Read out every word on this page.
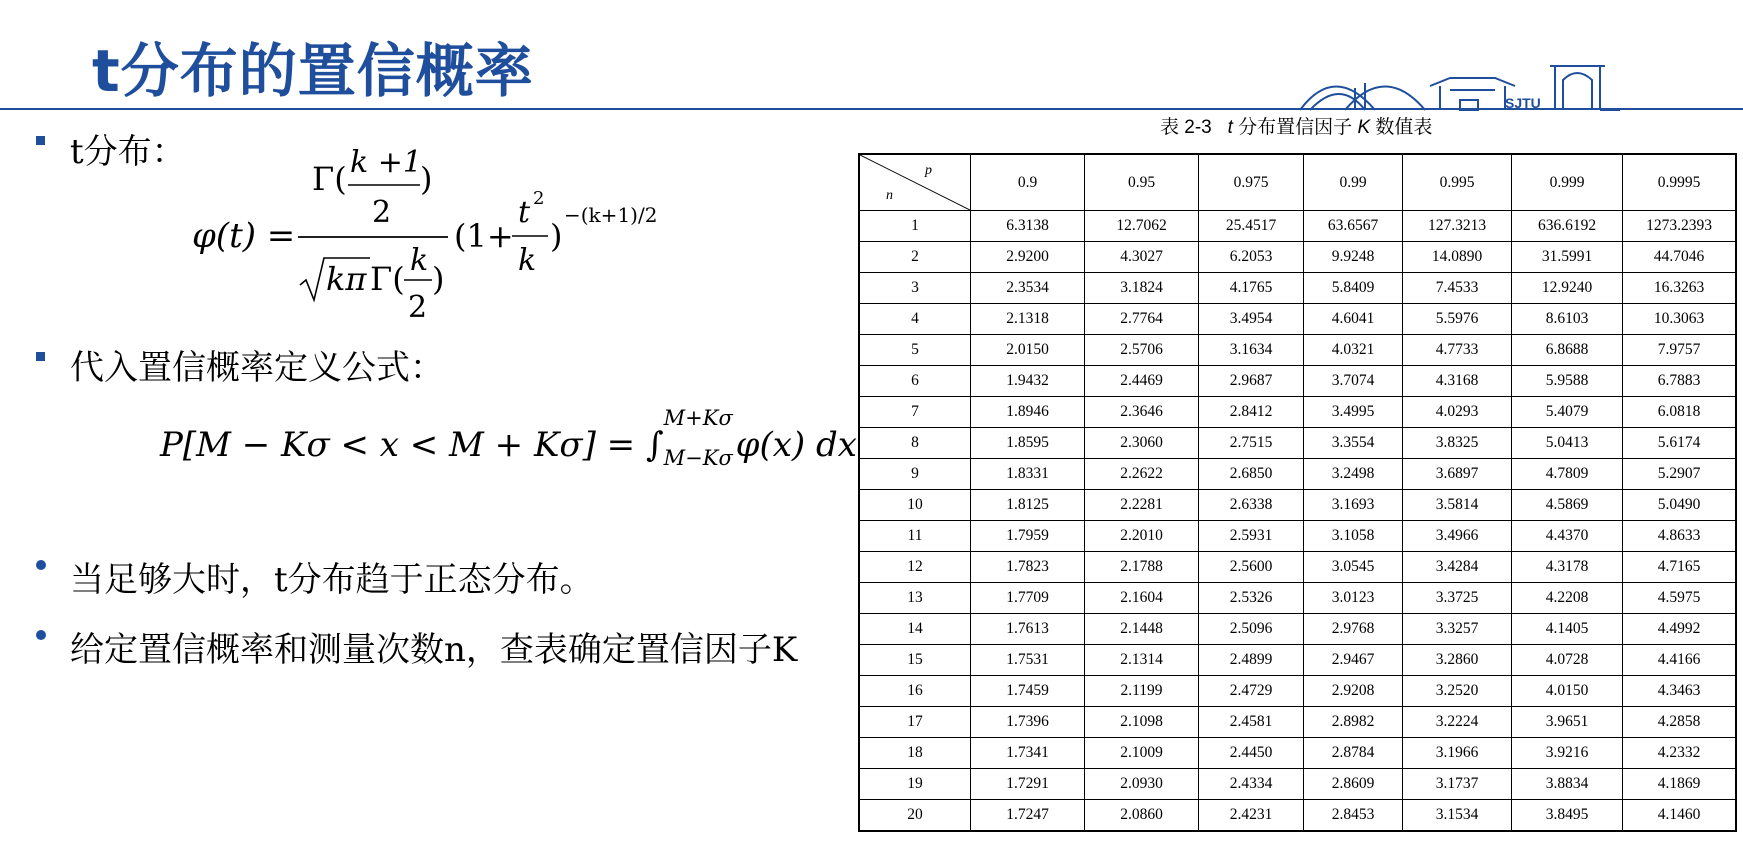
t分布的置信概率	SJTU
t分布：
φ(t) =
Γ( k +1
2
)
kπ Γ( k
2
)
(1+
t 2
k
)
−(k+1)/2
代入置信概率定义公式：
P[M − Kσ < x < M + Kσ] = ∫
M+Kσ
M−Kσ φ(x) dx
当足够大时，t分布趋于正态分布。
给定置信概率和测量次数n，查表确定置信因子K
表 2-3 t 分布置信因子 K 数值表
p
n	0.9	0.95	0.975	0.99	0.995	0.999	0.9995
1	6.3138	12.7062	25.4517	63.6567	127.3213	636.6192	1273.2393
2	2.9200	4.3027	6.2053	9.9248	14.0890	31.5991	44.7046
3	2.3534	3.1824	4.1765	5.8409	7.4533	12.9240	16.3263
4	2.1318	2.7764	3.4954	4.6041	5.5976	8.6103	10.3063
5	2.0150	2.5706	3.1634	4.0321	4.7733	6.8688	7.9757
6	1.9432	2.4469	2.9687	3.7074	4.3168	5.9588	6.7883
7	1.8946	2.3646	2.8412	3.4995	4.0293	5.4079	6.0818
8	1.8595	2.3060	2.7515	3.3554	3.8325	5.0413	5.6174
9	1.8331	2.2622	2.6850	3.2498	3.6897	4.7809	5.2907
10	1.8125	2.2281	2.6338	3.1693	3.5814	4.5869	5.0490
11	1.7959	2.2010	2.5931	3.1058	3.4966	4.4370	4.8633
12	1.7823	2.1788	2.5600	3.0545	3.4284	4.3178	4.7165
13	1.7709	2.1604	2.5326	3.0123	3.3725	4.2208	4.5975
14	1.7613	2.1448	2.5096	2.9768	3.3257	4.1405	4.4992
15	1.7531	2.1314	2.4899	2.9467	3.2860	4.0728	4.4166
16	1.7459	2.1199	2.4729	2.9208	3.2520	4.0150	4.3463
17	1.7396	2.1098	2.4581	2.8982	3.2224	3.9651	4.2858
18	1.7341	2.1009	2.4450	2.8784	3.1966	3.9216	4.2332
19	1.7291	2.0930	2.4334	2.8609	3.1737	3.8834	4.1869
20	1.7247	2.0860	2.4231	2.8453	3.1534	3.8495	4.1460
